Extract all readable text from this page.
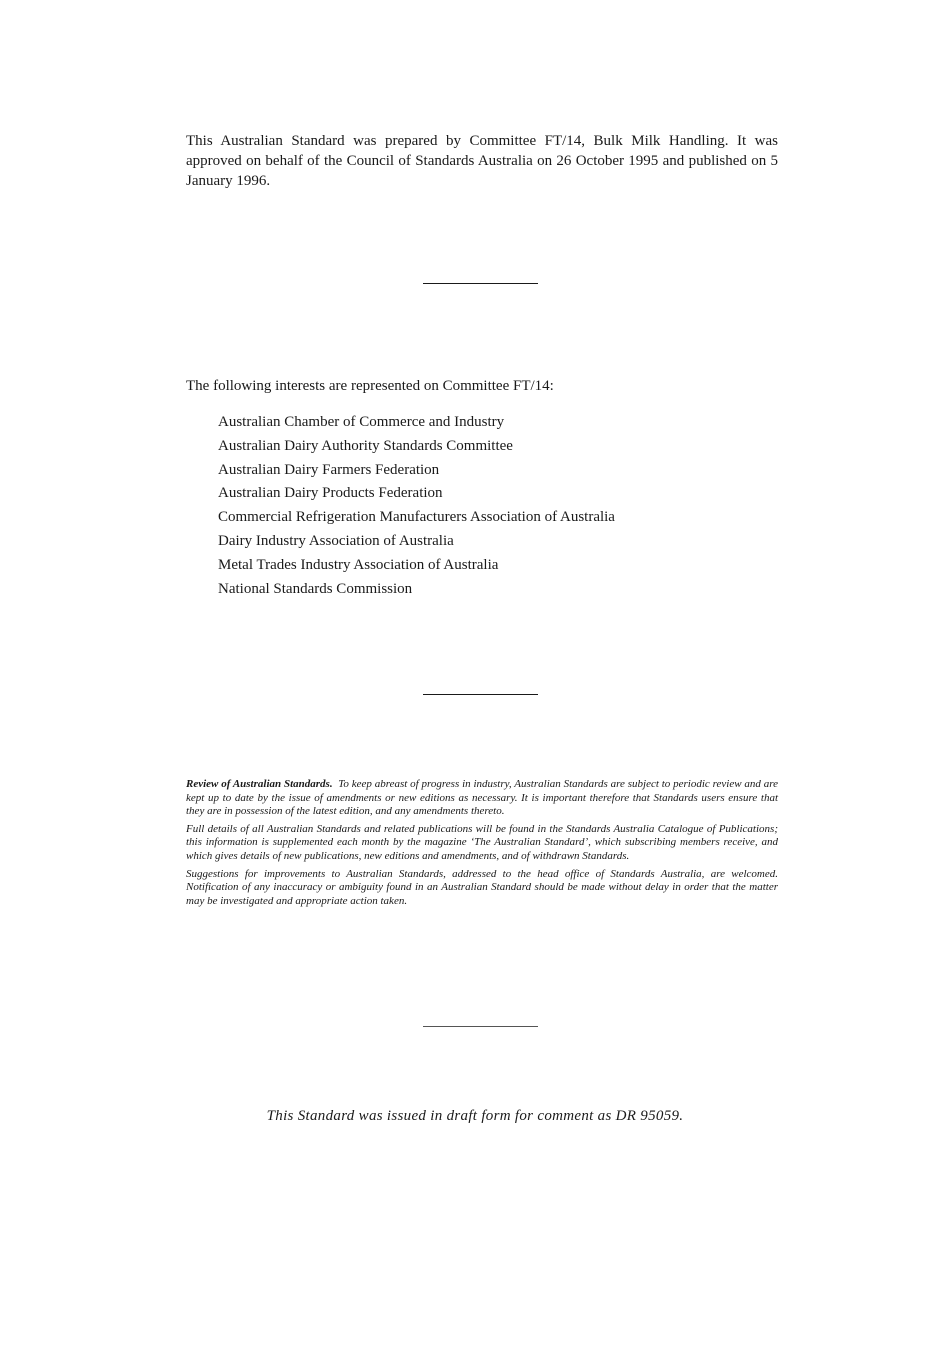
This Australian Standard was prepared by Committee FT/14, Bulk Milk Handling. It was approved on behalf of the Council of Standards Australia on 26 October 1995 and published on 5 January 1996.
The following interests are represented on Committee FT/14:
Australian Chamber of Commerce and Industry
Australian Dairy Authority Standards Committee
Australian Dairy Farmers Federation
Australian Dairy Products Federation
Commercial Refrigeration Manufacturers Association of Australia
Dairy Industry Association of Australia
Metal Trades Industry Association of Australia
National Standards Commission

Review of Australian Standards. To keep abreast of progress in industry, Australian Standards are subject to periodic review and are kept up to date by the issue of amendments or new editions as necessary. It is important therefore that Standards users ensure that they are in possession of the latest edition, and any amendments thereto.

Full details of all Australian Standards and related publications will be found in the Standards Australia Catalogue of Publications; this information is supplemented each month by the magazine ‘The Australian Standard’, which subscribing members receive, and which gives details of new publications, new editions and amendments, and of withdrawn Standards.

Suggestions for improvements to Australian Standards, addressed to the head office of Standards Australia, are welcomed. Notification of any inaccuracy or ambiguity found in an Australian Standard should be made without delay in order that the matter may be investigated and appropriate action taken.

This Standard was issued in draft form for comment as DR 95059.
